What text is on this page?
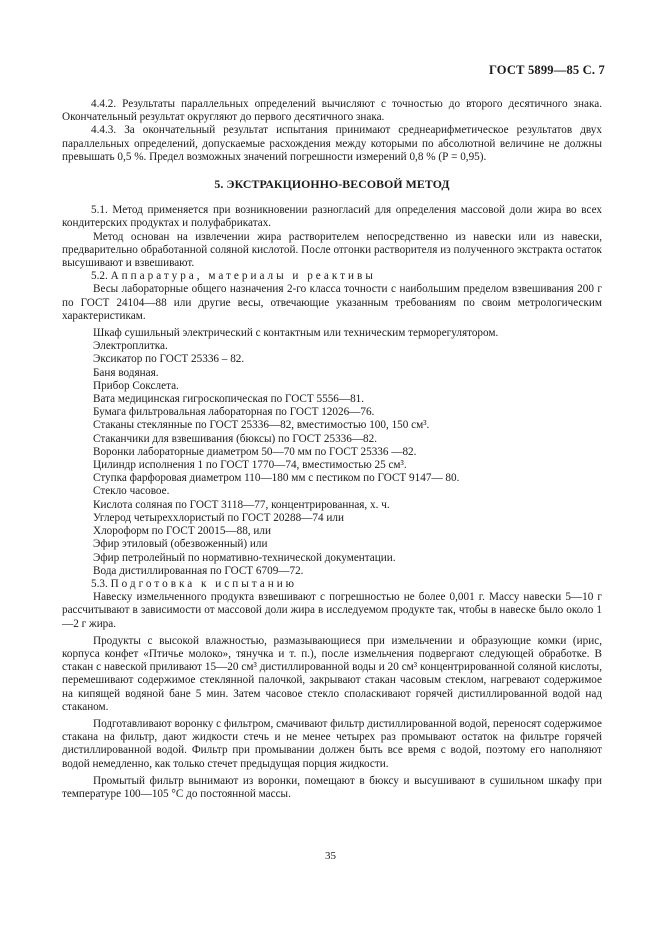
ГОСТ 5899—85 С. 7

4.4.2. Результаты параллельных определений вычисляют с точностью до второго десятичного знака. Окончательный результат округляют до первого десятичного знака.

4.4.3. За окончательный результат испытания принимают среднеарифметическое результатов двух параллельных определений, допускаемые расхождения между которыми по абсолютной величине не должны превышать 0,5 %. Предел возможных значений погрешности измерений 0,8 % (Р = 0,95).

5. ЭКСТРАКЦИОННО-ВЕСОВОЙ МЕТОД

5.1. Метод применяется при возникновении разногласий для определения массовой доли жира во всех кондитерских продуктах и полуфабрикатах.

Метод основан на извлечении жира растворителем непосредственно из навески или из навески, предварительно обработанной соляной кислотой. После отгонки растворителя из полученного экстракта остаток высушивают и взвешивают.

5.2. Аппаратура, материалы и реактивы

Весы лабораторные общего назначения 2-го класса точности с наибольшим пределом взвешивания 200 г по ГОСТ 24104—88 или другие весы, отвечающие указанным требованиям по своим метрологическим характеристикам.

Шкаф сушильный электрический с контактным или техническим терморегулятором.

Электроплитка.

Эксикатор по ГОСТ 25336 – 82.

Баня водяная.

Прибор Сокслета.

Вата медицинская гигроскопическая по ГОСТ 5556—81.

Бумага фильтровальная лабораторная по ГОСТ 12026—76.

Стаканы стеклянные по ГОСТ 25336—82, вместимостью 100, 150 см³.

Стаканчики для взвешивания (бюксы) по ГОСТ 25336—82.

Воронки лабораторные диаметром 50—70 мм по ГОСТ 25336 —82.

Цилиндр исполнения 1 по ГОСТ 1770—74, вместимостью 25 см³.

Ступка фарфоровая диаметром 110—180 мм с пестиком по ГОСТ 9147— 80.

Стекло часовое.

Кислота соляная по ГОСТ 3118—77, концентрированная, х. ч.

Углерод четыреххлористый по ГОСТ 20288—74 или

Хлороформ по ГОСТ 20015—88, или

Эфир этиловый (обезвоженный) или

Эфир петролейный по нормативно-технической документации.

Вода дистиллированная по ГОСТ 6709—72.

5.3. Подготовка к испытанию

Навеску измельченного продукта взвешивают с погрешностью не более 0,001 г. Массу навески 5—10 г рассчитывают в зависимости от массовой доли жира в исследуемом продукте так, чтобы в навеске было около 1—2 г жира.

Продукты с высокой влажностью, размазывающиеся при измельчении и образующие комки (ирис, корпуса конфет «Птичье молоко», тянучка и т. п.), после измельчения подвергают следующей обработке. В стакан с навеской приливают 15—20 см³ дистиллированной воды и 20 см³ концентрированной соляной кислоты, перемешивают содержимое стеклянной палочкой, закрывают стакан часовым стеклом, нагревают содержимое на кипящей водяной бане 5 мин. Затем часовое стекло споласкивают горячей дистиллированной водой над стаканом.

Подготавливают воронку с фильтром, смачивают фильтр дистиллированной водой, переносят содержимое стакана на фильтр, дают жидкости стечь и не менее четырех раз промывают остаток на фильтре горячей дистиллированной водой. Фильтр при промывании должен быть все время с водой, поэтому его наполняют водой немедленно, как только стечет предыдущая порция жидкости.

Промытый фильтр вынимают из воронки, помещают в бюксу и высушивают в сушильном шкафу при температуре 100—105 °С до постоянной массы.

35
